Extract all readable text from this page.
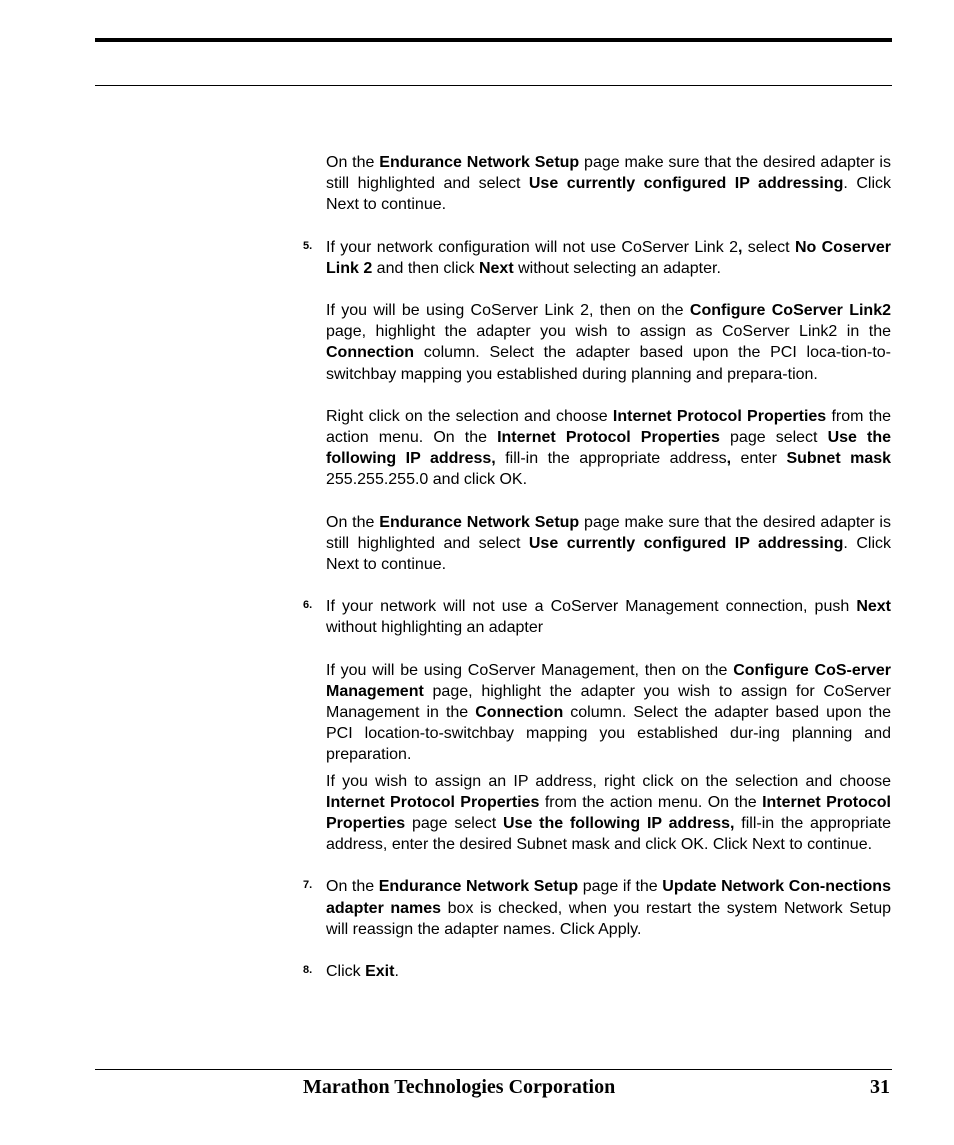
On the Endurance Network Setup page make sure that the desired adapter is still highlighted and select Use currently configured IP addressing. Click Next to continue.

5. If your network configuration will not use CoServer Link 2, select No Coserver Link 2 and then click Next without selecting an adapter.

If you will be using CoServer Link 2, then on the Configure CoServer Link2 page, highlight the adapter you wish to assign as CoServer Link2 in the Connection column. Select the adapter based upon the PCI loca-tion-to-switchbay mapping you established during planning and prepara-tion.

Right click on the selection and choose Internet Protocol Properties from the action menu. On the Internet Protocol Properties page select Use the following IP address, fill-in the appropriate address, enter Subnet mask 255.255.255.0 and click OK.

On the Endurance Network Setup page make sure that the desired adapter is still highlighted and select Use currently configured IP addressing. Click Next to continue.

6. If your network will not use a CoServer Management connection, push Next without highlighting an adapter

If you will be using CoServer Management, then on the Configure CoS-erver Management page, highlight the adapter you wish to assign for CoServer Management in the Connection column. Select the adapter based upon the PCI location-to-switchbay mapping you established dur-ing planning and preparation.

If you wish to assign an IP address, right click on the selection and choose Internet Protocol Properties from the action menu. On the Internet Protocol Properties page select Use the following IP address, fill-in the appropriate address, enter the desired Subnet mask and click OK. Click Next to continue.

7. On the Endurance Network Setup page if the Update Network Con-nections adapter names box is checked, when you restart the system Network Setup will reassign the adapter names. Click Apply.

8. Click Exit.

Marathon Technologies Corporation	31
